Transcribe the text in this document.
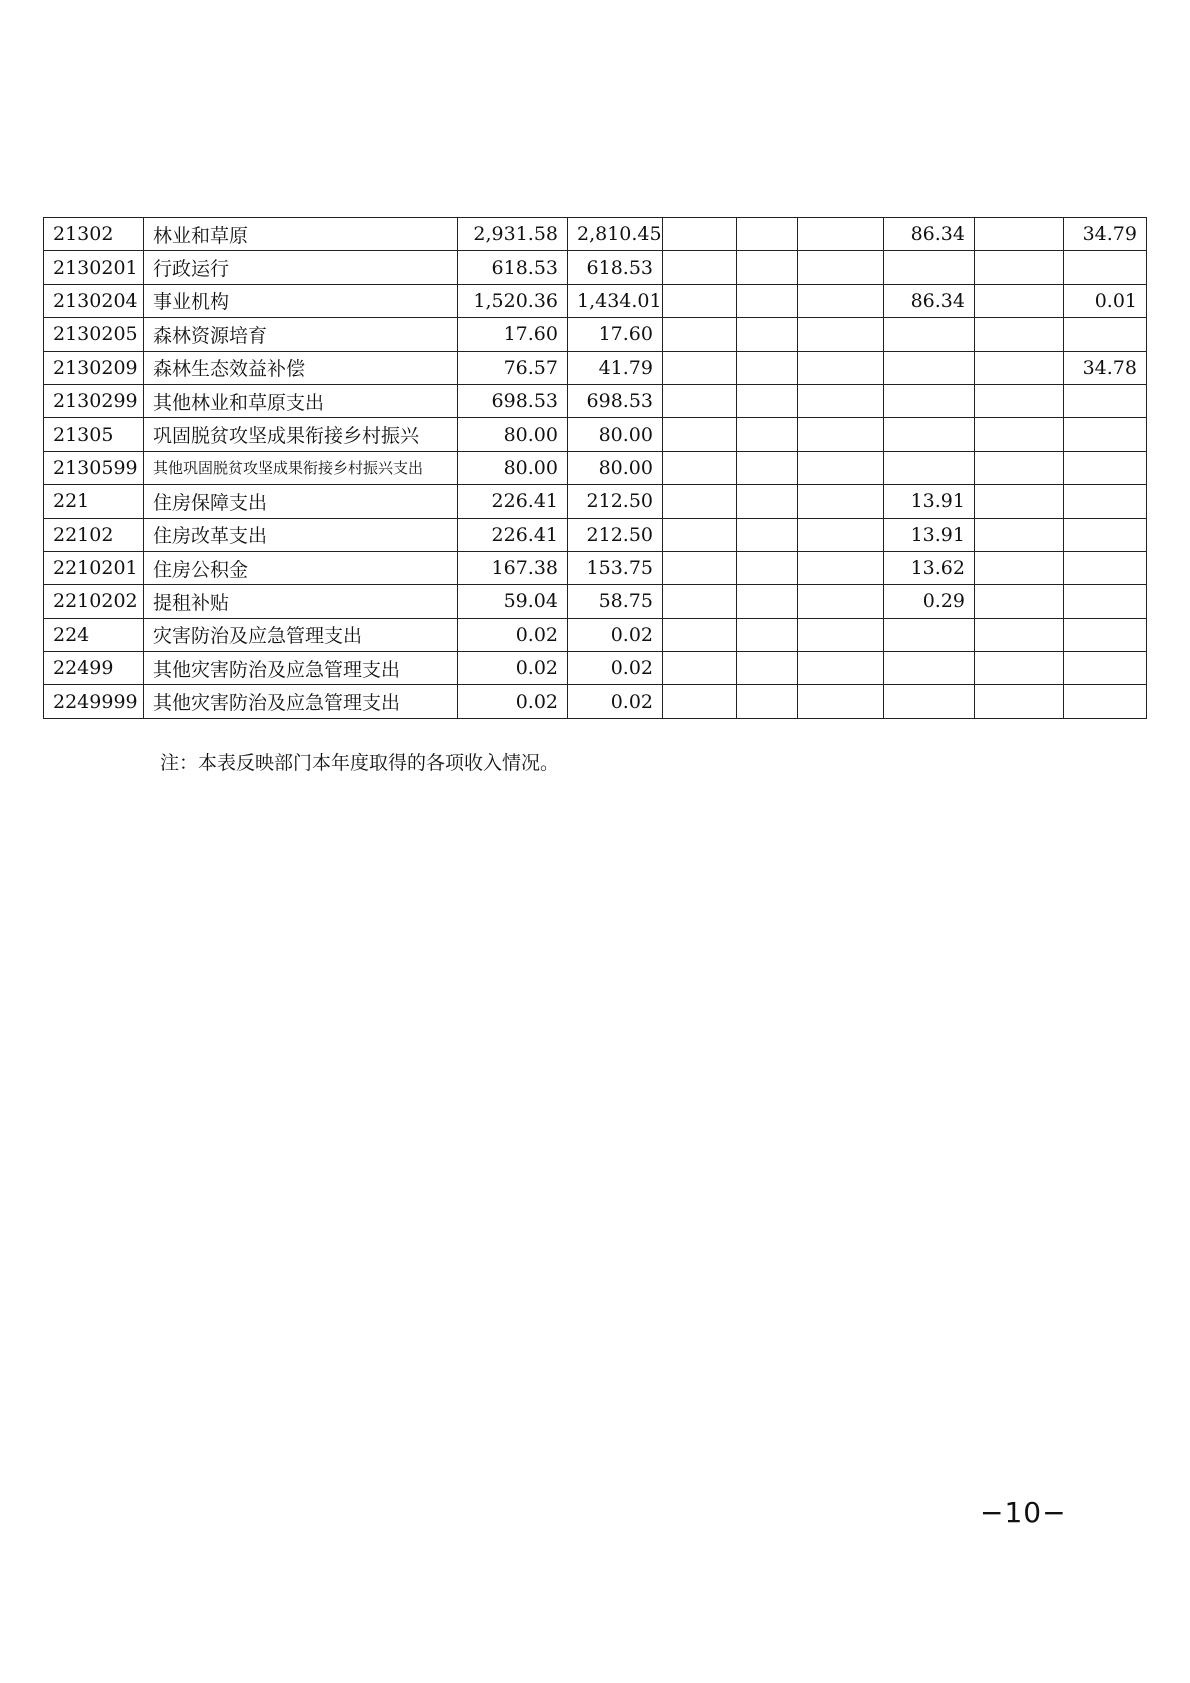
21302	林业和草原	2,931.58	2,810.45				86.34		34.79
2130201	行政运行	618.53	618.53						
2130204	事业机构	1,520.36	1,434.01				86.34		0.01
2130205	森林资源培育	17.60	17.60						
2130209	森林生态效益补偿	76.57	41.79						34.78
2130299	其他林业和草原支出	698.53	698.53						
21305	巩固脱贫攻坚成果衔接乡村振兴	80.00	80.00						
2130599	其他巩固脱贫攻坚成果衔接乡村振兴支出	80.00	80.00						
221	住房保障支出	226.41	212.50				13.91		
22102	住房改革支出	226.41	212.50				13.91		
2210201	住房公积金	167.38	153.75				13.62		
2210202	提租补贴	59.04	58.75				0.29		
224	灾害防治及应急管理支出	0.02	0.02						
22499	其他灾害防治及应急管理支出	0.02	0.02						
2249999	其他灾害防治及应急管理支出	0.02	0.02						
注：本表反映部门本年度取得的各项收入情况。
−10−
